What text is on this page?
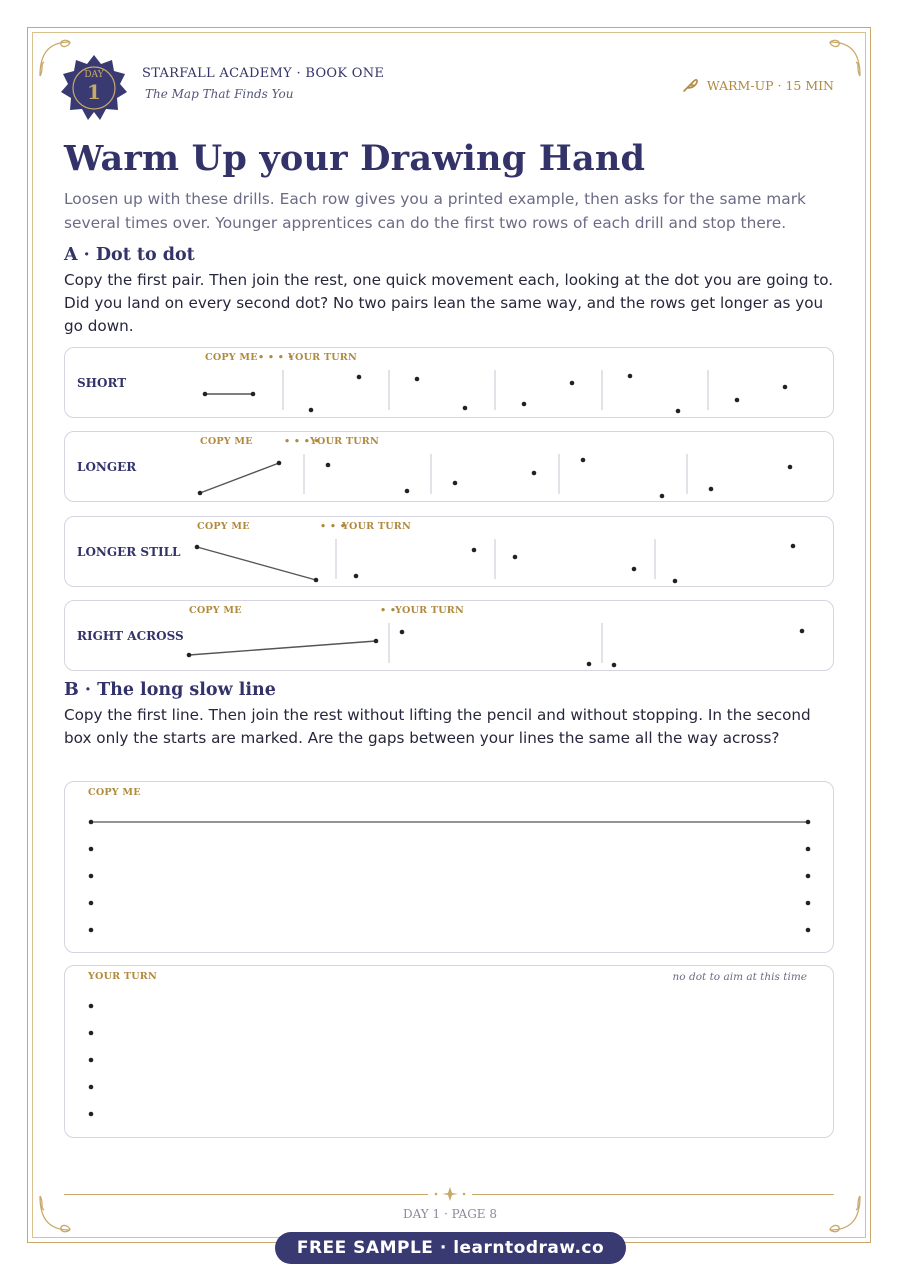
DAY
1
STARFALL ACADEMY · BOOK ONE
The Map That Finds You
WARM-UP · 15 MIN
Warm Up your Drawing Hand

Loosen up with these drills. Each row gives you a printed example, then asks for the same mark several times over. Younger apprentices can do the first two rows of each drill and stop there.

A · Dot to dot

Copy the first pair. Then join the rest, one quick movement each, looking at the dot you are going to. Did you land on every second dot? No two pairs lean the same way, and the rows get longer as you go down.

SHORT
COPY ME • • • •
YOUR TURN
LONGER
COPY ME	• • • •
YOUR TURN
LONGER STILL
COPY ME	• • •
YOUR TURN
RIGHT ACROSS
COPY ME	• •
YOUR TURN
B · The long slow line

Copy the first line. Then join the rest without lifting the pencil and without stopping. In the second box only the starts are marked. Are the gaps between your lines the same all the way across?

COPY ME
YOUR TURN	no dot to aim at this time
DAY 1 · PAGE 8
FREE SAMPLE · learntodraw.co
